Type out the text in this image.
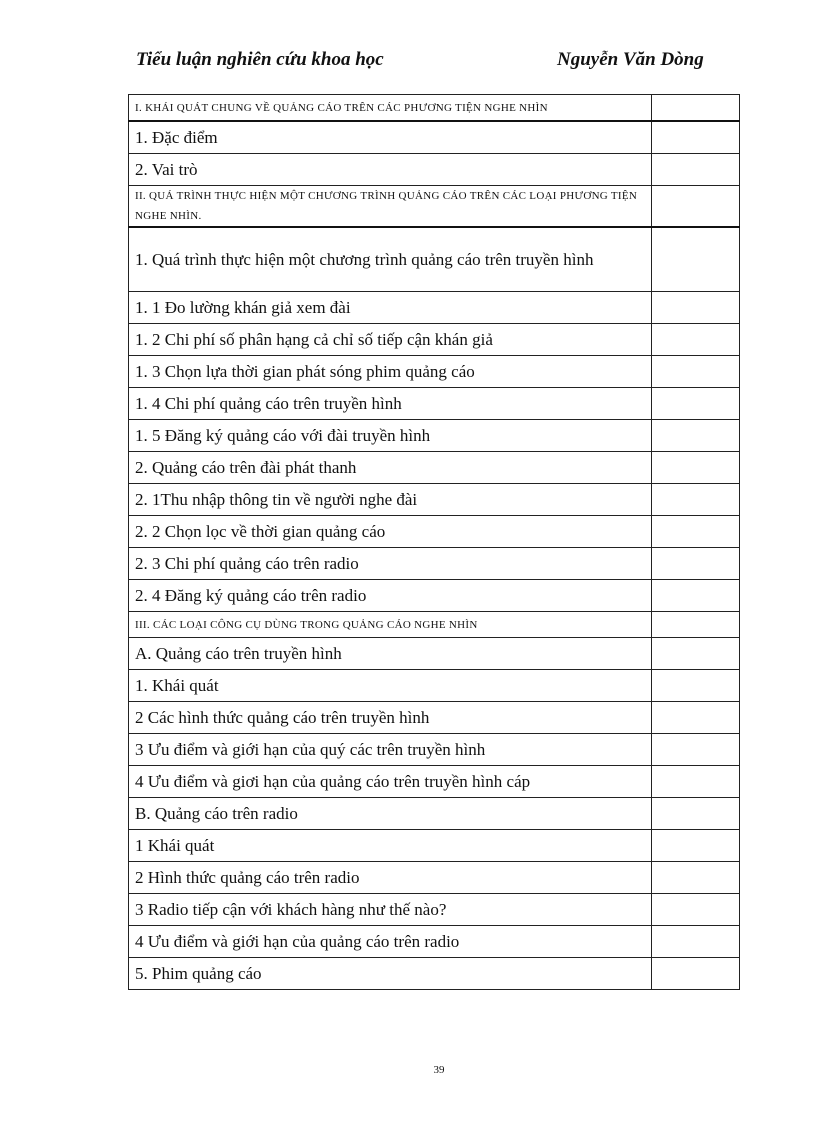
Tiểu luận nghiên cứu khoa học	Nguyễn Văn Dòng
I. KHÁI QUÁT CHUNG VỀ QUẢNG CÁO TRÊN CÁC PHƯƠNG TIỆN NGHE NHÌN	
1. Đặc điểm	
2. Vai trò	
II. QUÁ TRÌNH THỰC HIỆN MỘT CHƯƠNG TRÌNH QUẢNG CÁO TRÊN CÁC LOẠI PHƯƠNG TIỆN NGHE NHÌN.	
1. Quá trình thực hiện một chương trình quảng cáo trên truyền hình	
1. 1 Đo lường khán giả xem đài	
1. 2 Chi phí số phân hạng cả chỉ số tiếp cận khán giả	
1. 3 Chọn lựa thời gian phát sóng phim quảng cáo	
1. 4 Chi phí quảng cáo trên truyền hình	
1. 5 Đăng ký quảng cáo với đài truyền hình	
2. Quảng cáo trên đài phát thanh	
2. 1Thu nhập thông tin về người nghe đài	
2. 2 Chọn lọc về thời gian quảng cáo	
2. 3 Chi phí quảng cáo trên radio	
2. 4 Đăng ký quảng cáo trên radio	
III. CÁC LOẠI CÔNG CỤ DÙNG TRONG QUẢNG CÁO NGHE NHÌN	
A. Quảng cáo trên truyền hình	
1. Khái quát	
2 Các hình thức quảng cáo trên truyền hình	
3 Ưu điểm và giới hạn của quý các trên truyền hình	
4 Ưu điểm và giơi hạn của quảng cáo trên truyền hình cáp	
B. Quảng cáo trên radio	
1 Khái quát	
2 Hình thức quảng cáo trên radio	
3 Radio tiếp cận với khách hàng như thế nào?	
4 Ưu điểm và giới hạn của quảng cáo trên radio	
5. Phim quảng cáo	
39
